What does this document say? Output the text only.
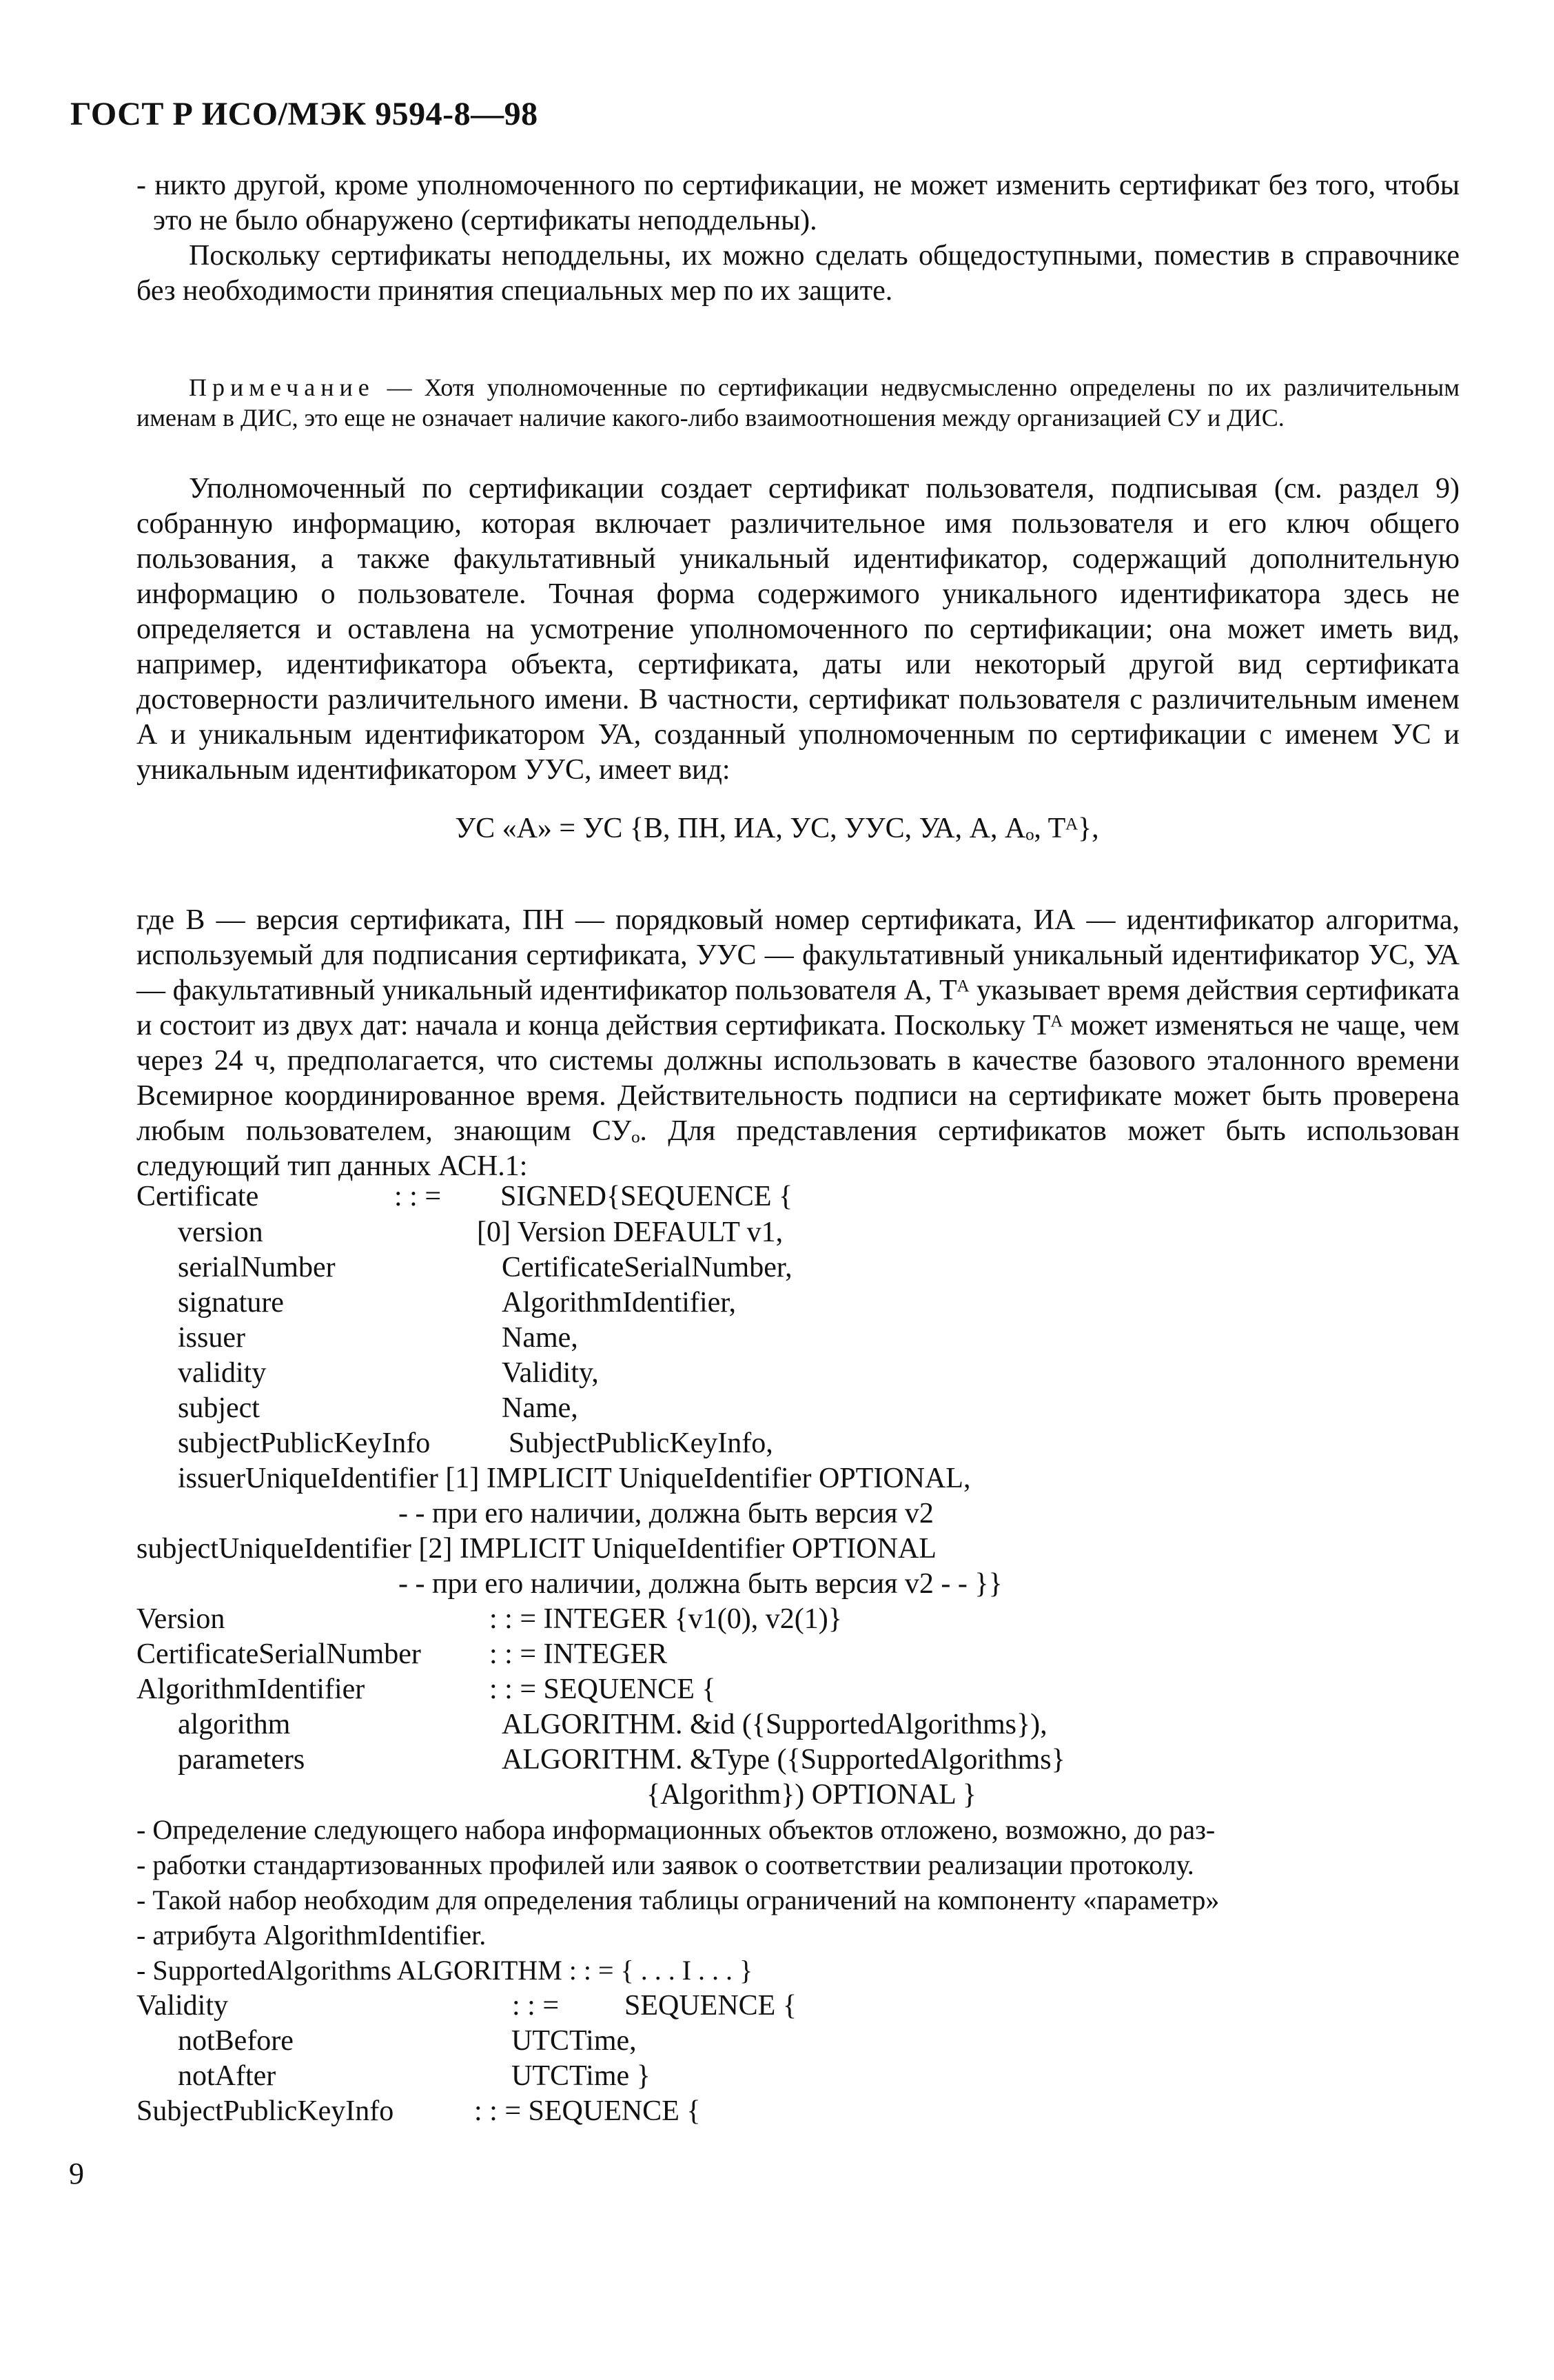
ГОСТ Р ИСО/МЭК 9594-8—98

- никто другой, кроме уполномоченного по сертификации, не может изменить сертификат без того, чтобы это не было обнаружено (сертификаты неподдельны).

Поскольку сертификаты неподдельны, их можно сделать общедоступными, поместив в справочнике без необходимости принятия специальных мер по их защите.

Примечание — Хотя уполномоченные по сертификации недвусмысленно определены по их различительным именам в ДИС, это еще не означает наличие какого-либо взаимоотношения между организацией СУ и ДИС.

Уполномоченный по сертификации создает сертификат пользователя, подписывая (см. раздел 9) собранную информацию, которая включает различительное имя пользователя и его ключ общего пользования, а также факультативный уникальный идентификатор, содержащий дополнительную информацию о пользователе. Точная форма содержимого уникального идентификатора здесь не определяется и оставлена на усмотрение уполномоченного по сертификации; она может иметь вид, например, идентификатора объекта, сертификата, даты или некоторый другой вид сертификата достоверности различительного имени. В частности, сертификат пользователя с различительным именем А и уникальным идентификатором УА, созданный уполномоченным по сертификации с именем УС и уникальным идентификатором УУС, имеет вид:

УС «А» = УС {В, ПН, ИА, УС, УУС, УА, А, Aₒ, Tᴬ},

где В — версия сертификата, ПН — порядковый номер сертификата, ИА — идентификатор алгоритма, используемый для подписания сертификата, УУС — факультативный уникальный идентификатор УС, УА — факультативный уникальный идентификатор пользователя А, Tᴬ указывает время действия сертификата и состоит из двух дат: начала и конца действия сертификата. Поскольку Tᴬ может изменяться не чаще, чем через 24 ч, предполагается, что системы должны использовать в качестве базового эталонного времени Всемирное координированное время. Действительность подписи на сертификате может быть проверена любым пользователем, знающим СУₒ. Для представления сертификатов может быть использован следующий тип данных АСН.1:

Certificate	: : = SIGNED{SEQUENCE {
version	[0] Version DEFAULT v1,
serialNumber	CertificateSerialNumber,
signature	AlgorithmIdentifier,
issuer	Name,
validity	Validity,
subject	Name,
subjectPublicKeyInfo	SubjectPublicKeyInfo,
issuerUniqueIdentifier [1] IMPLICIT UniqueIdentifier OPTIONAL,
- - при его наличии, должна быть версия v2
subjectUniqueIdentifier [2] IMPLICIT UniqueIdentifier OPTIONAL
- - при его наличии, должна быть версия v2 - - }}
Version	: : = INTEGER {v1(0), v2(1)}
CertificateSerialNumber : : = INTEGER
AlgorithmIdentifier	: : = SEQUENCE {
algorithm	ALGORITHM. &id ({SupportedAlgorithms}),
parameters	ALGORITHM. &Type ({SupportedAlgorithms}
{Algorithm}) OPTIONAL }
- Определение следующего набора информационных объектов отложено, возможно, до раз-
- работки стандартизованных профилей или заявок о соответствии реализации протоколу.
- Такой набор необходим для определения таблицы ограничений на компоненту «параметр»
- атрибута AlgorithmIdentifier.
- SupportedAlgorithms ALGORITHM : : = { . . . I . . . }
Validity	: : = SEQUENCE {
notBefore	UTCTime,
notAfter	UTCTime }
SubjectPublicKeyInfo	: : = SEQUENCE {
9
